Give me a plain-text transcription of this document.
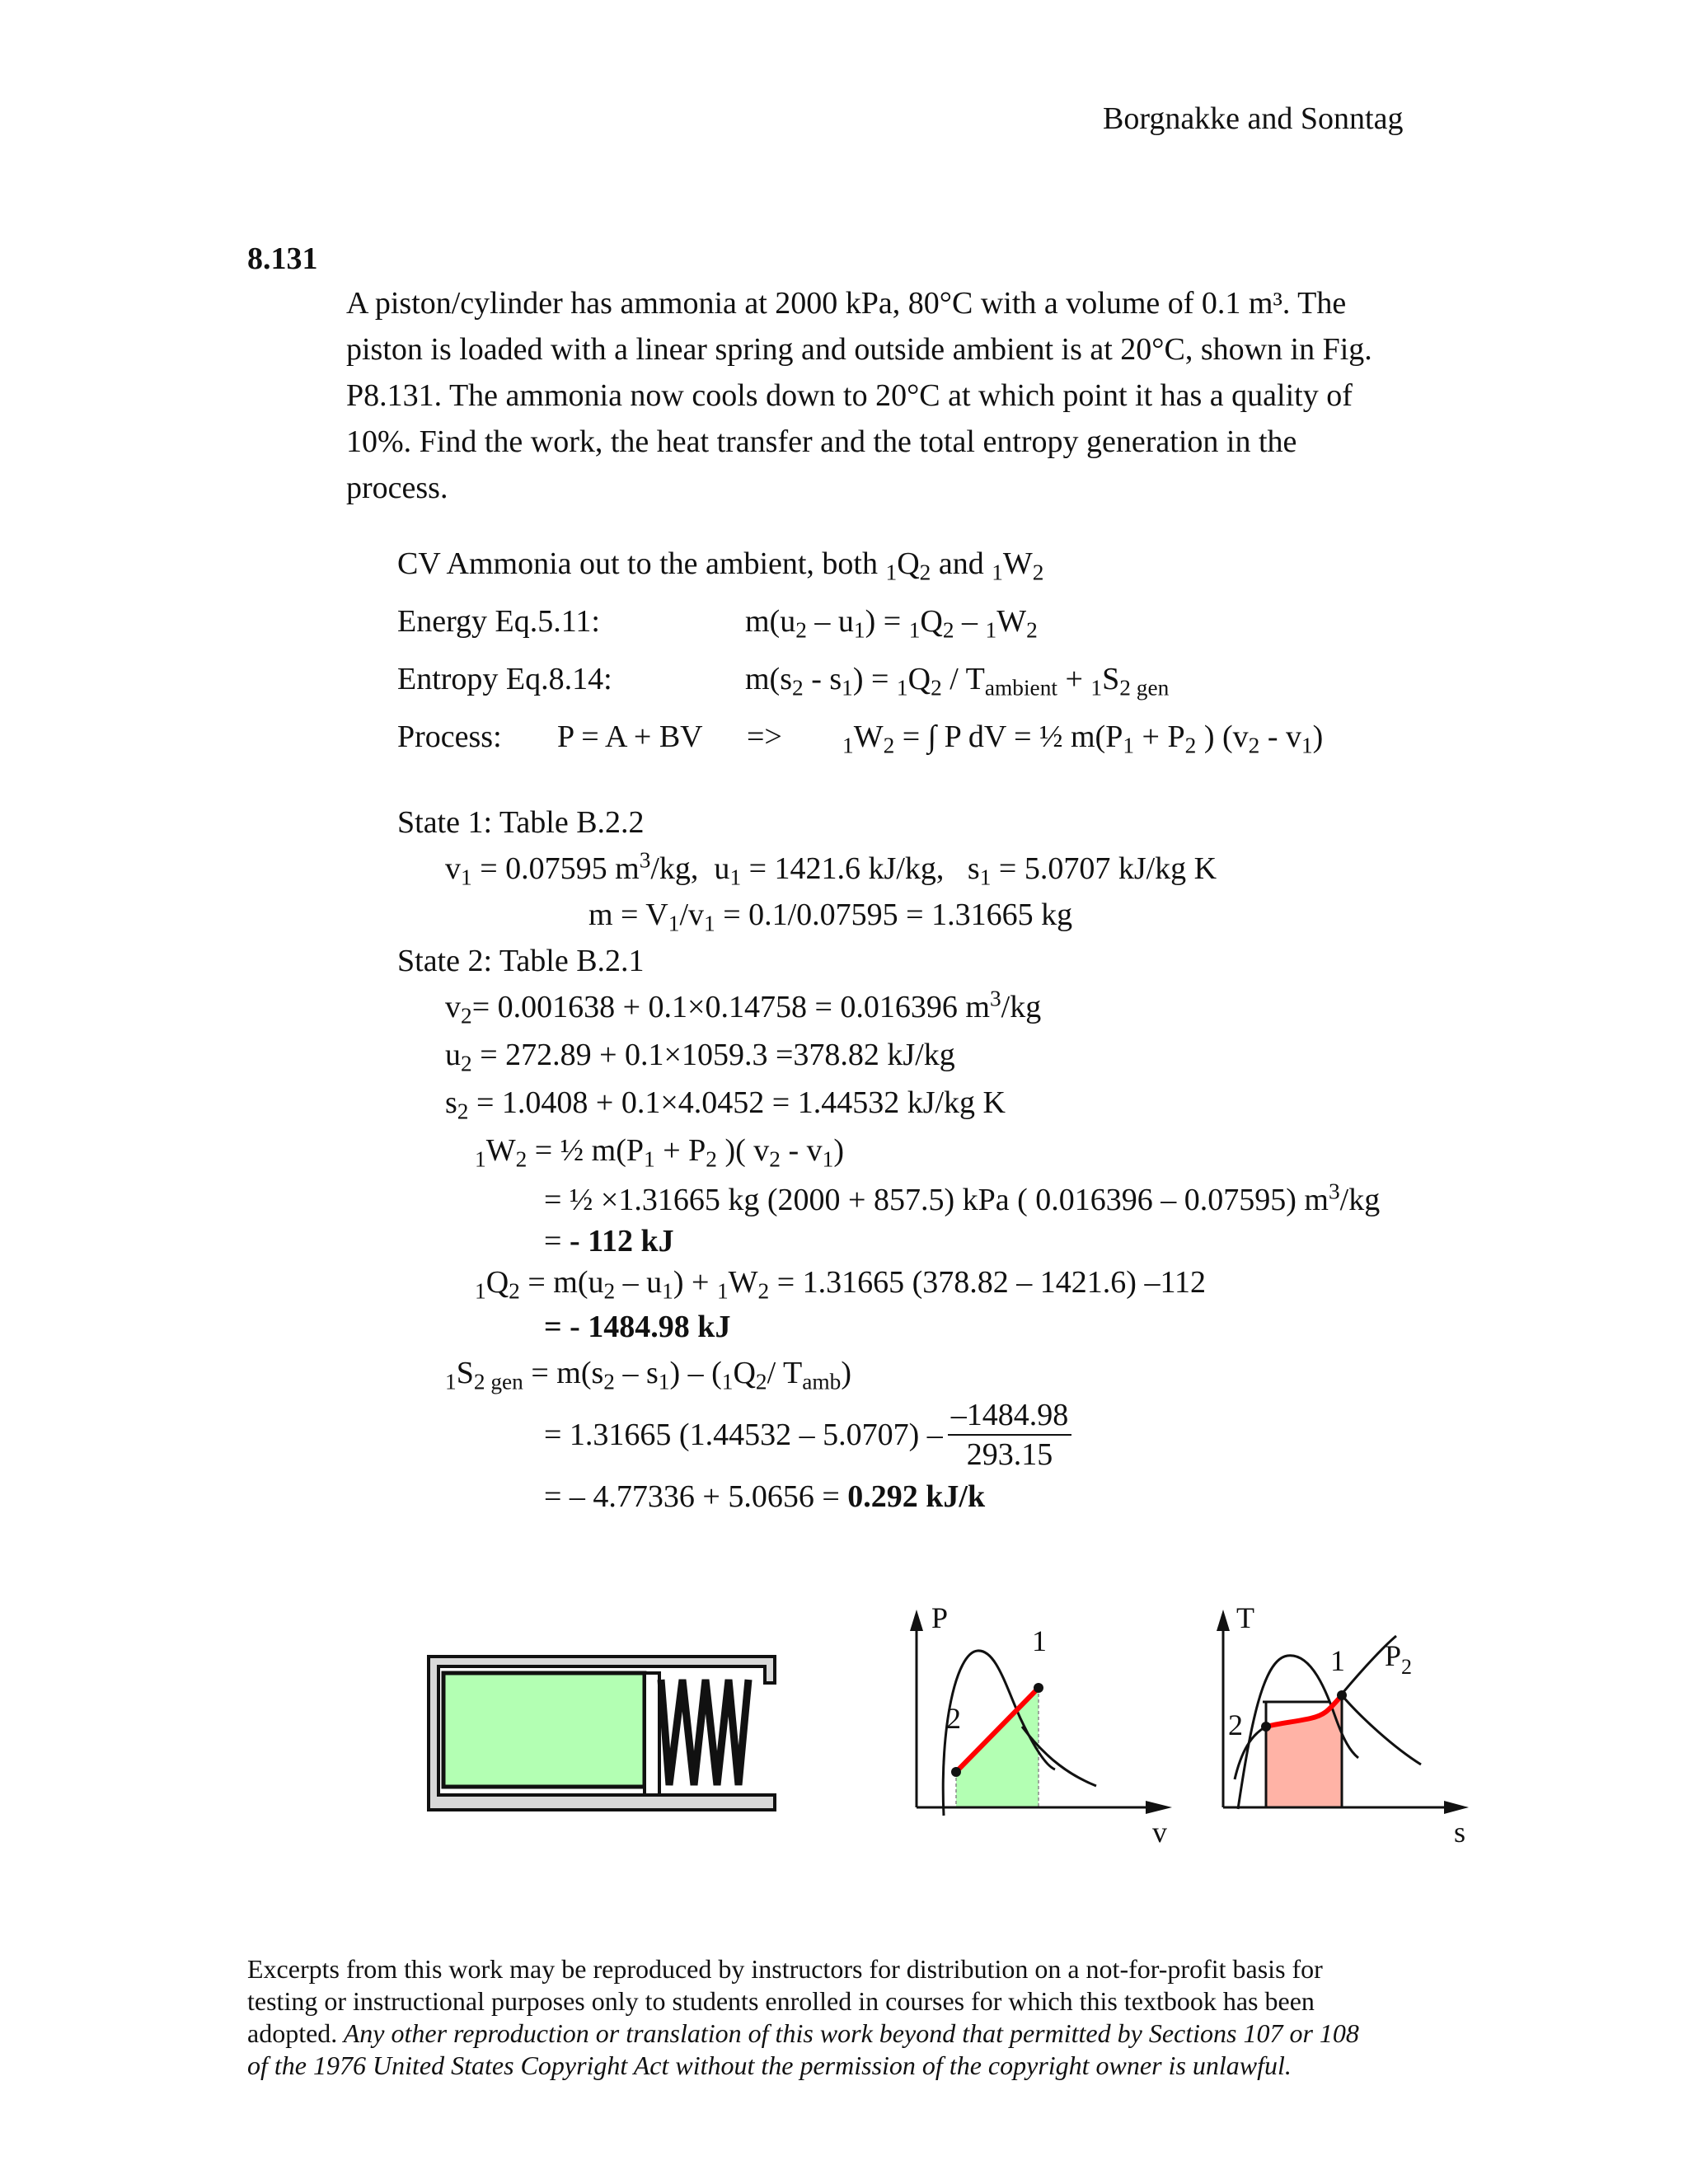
Borgnakke and Sonntag
8.131

A piston/cylinder has ammonia at 2000 kPa, 80°C with a volume of 0.1 m³. The

piston is loaded with a linear spring and outside ambient is at 20°C, shown in Fig.

P8.131. The ammonia now cools down to 20°C at which point it has a quality of

10%. Find the work, the heat transfer and the total entropy generation in the

process.

CV Ammonia out to the ambient, both $_1Q_2$ and $_1W_2$
Energy Eq.5.11:	$m(u_2 - u_1) = _1Q_2 - _1W_2$
Entropy Eq.8.14:	$m(s_2 - s_1) = _1Q_2 / T_{ambient} + _1S_{2 gen}$
Process: P = A + BV =>	$_1W_2$ = ∫ P dV = ½ $m(P_1 + P_2$ ) $(v_2 - v_1)$
State 1: Table B.2.2
$v_1 = 0.07595$ $m^3/kg$,  $u_1 = 1421.6$ kJ/kg,   $s_1 = 5.0707$ kJ/kg K
$m = V_1/v_1 = 0.1/0.07595 = 1.31665$ kg
State 2: Table B.2.1
$v_2= 0.001638 + 0.1\times 0.14758 = 0.016396$ $m^3/kg$
$u_2 = 272.89 + 0.1\times 1059.3 =378.82$ kJ/kg
$s_2 = 1.0408 + 0.1\times 4.0452 = 1.44532$ kJ/kg K
$_1W_2$ = ½ $m(P_1 + P_2$ )( $v_2 - v_1$)
= ½ ×1.31665 kg (2000 + 857.5) kPa ( 0.016396 – 0.07595) $m^3/kg$
= - 112 kJ
$_1Q_2 = m(u_2 - u_1) + _1W_2 = 1.31665$ (378.82 – 1421.6) –112
= - 1484.98 kJ
$_1S_{2 gen} = m(s_2 - s_1) - (_1Q_2/$ $T_{amb}$)
= 1.31665 $(1.44532 - 5.0707) - \frac{-1484.98}{293.15}$
= – 4.77336 + 5.0656 = 0.292 kJ/k
P
v
1
2
T
s
1
2
$P_2$

Excerpts from this work may be reproduced by instructors for distribution on a not-for-profit basis for

testing or instructional purposes only to students enrolled in courses for which this textbook has been

adopted. Any other reproduction or translation of this work beyond that permitted by Sections 107 or 108

of the 1976 United States Copyright Act without the permission of the copyright owner is unlawful.
